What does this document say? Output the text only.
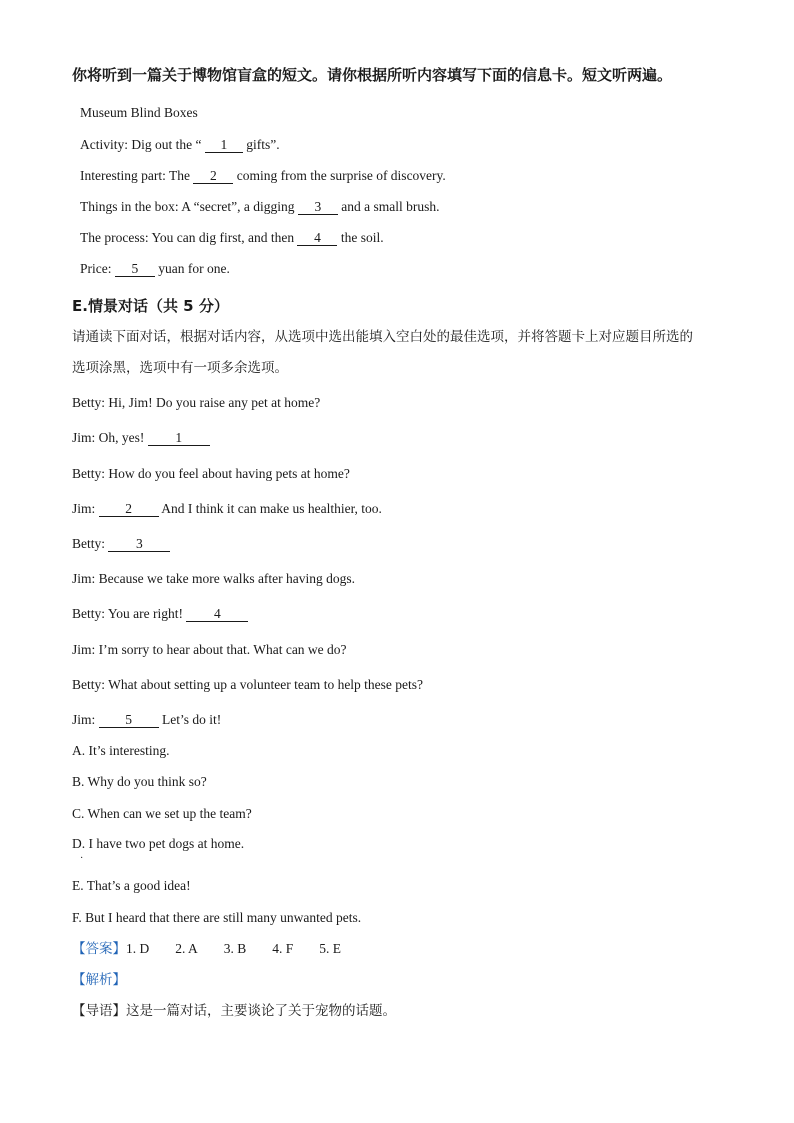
你将听到一篇关于博物馆盲盒的短文。请你根据所听内容填写下面的信息卡。短文听两遍。
Museum Blind Boxes
Activity: Dig out the “ 1 gifts”.
Interesting part: The 2 coming from the surprise of discovery.
Things in the box: A “secret”, a digging 3 and a small brush.
The process: You can dig first, and then 4 the soil.
Price: 5 yuan for one.
E.情景对话（共 5 分）
请通读下面对话，根据对话内容，从选项中选出能填入空白处的最佳选项，并将答题卡上对应题目所选的
选项涂黑，选项中有一项多余选项。
Betty: Hi, Jim! Do you raise any pet at home?
Jim: Oh, yes! 1
Betty: How do you feel about having pets at home?
Jim: 2 And I think it can make us healthier, too.
Betty: 3
Jim: Because we take more walks after having dogs.
Betty: You are right! 4
Jim: I’m sorry to hear about that. What can we do?
Betty: What about setting up a volunteer team to help these pets?
Jim: 5 Let’s do it!
A. It’s interesting.
B. Why do you think so?
C. When can we set up the team?
D. I have two pet dogs at home.
·
E. That’s a good idea!
F. But I heard that there are still many unwanted pets.
【答案】1. D 2. A 3. B 4. F 5. E
【解析】
【导语】这是一篇对话，主要谈论了关于宠物的话题。
